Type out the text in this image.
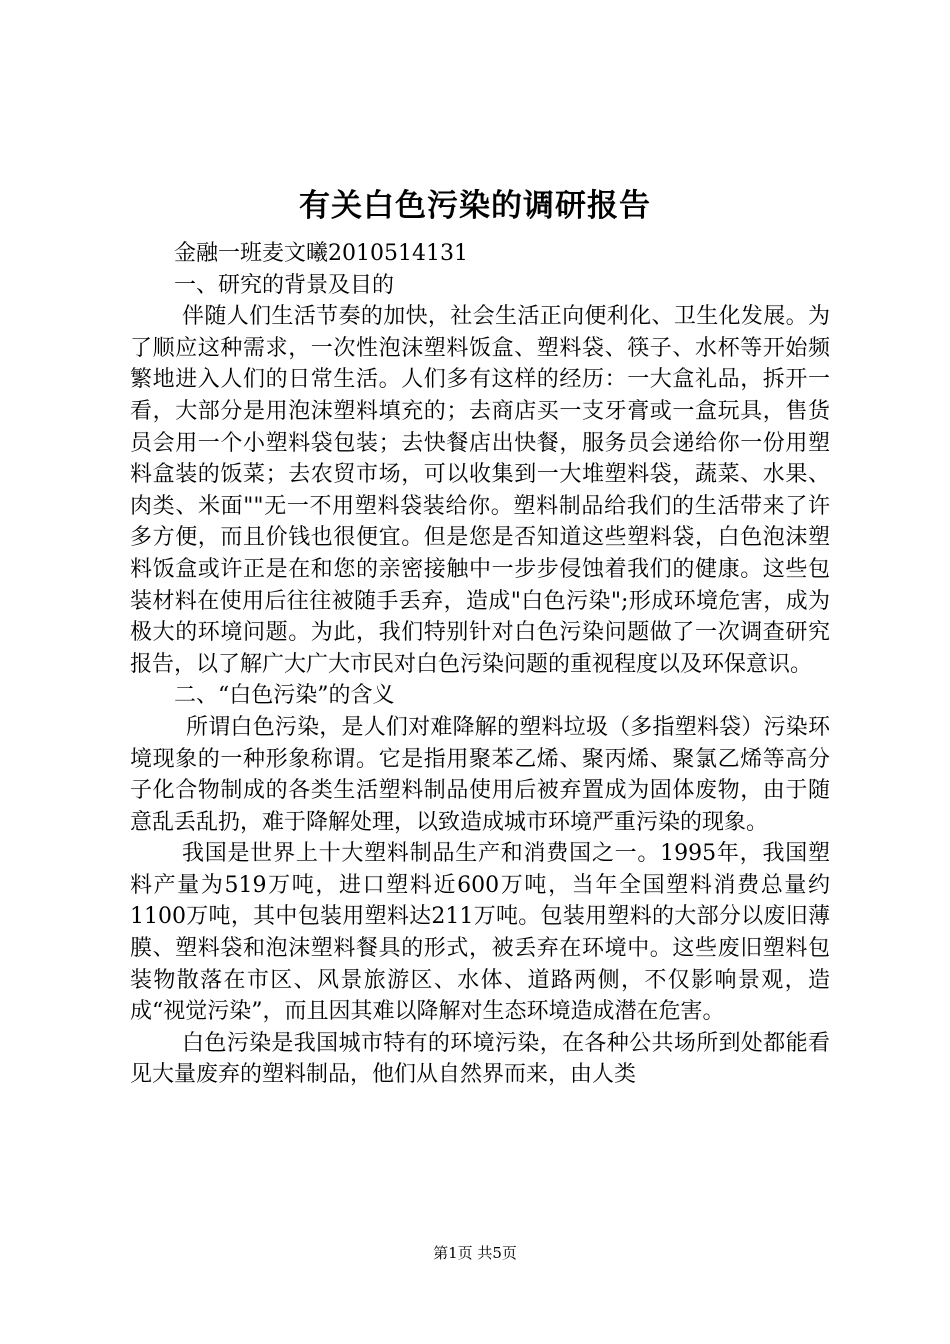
有关白色污染的调研报告

金融一班麦文曦2010514131

一、研究的背景及目的

伴随人们生活节奏的加快，社会生活正向便利化、卫生化发展。为了顺应这种需求，一次性泡沫塑料饭盒、塑料袋、筷子、水杯等开始频繁地进入人们的日常生活。人们多有这样的经历：一大盒礼品，拆开一看，大部分是用泡沫塑料填充的；去商店买一支牙膏或一盒玩具，售货员会用一个小塑料袋包装；去快餐店出快餐，服务员会递给你一份用塑料盒装的饭菜；去农贸市场，可以收集到一大堆塑料袋，蔬菜、水果、肉类、米面""无一不用塑料袋装给你。塑料制品给我们的生活带来了许多方便，而且价钱也很便宜。但是您是否知道这些塑料袋，白色泡沫塑料饭盒或许正是在和您的亲密接触中一步步侵蚀着我们的健康。这些包装材料在使用后往往被随手丢弃，造成"白色污染";形成环境危害，成为极大的环境问题。为此，我们特别针对白色污染问题做了一次调查研究报告，以了解广大广大市民对白色污染问题的重视程度以及环保意识。

二、“白色污染”的含义

所谓白色污染，是人们对难降解的塑料垃圾（多指塑料袋）污染环境现象的一种形象称谓。它是指用聚苯乙烯、聚丙烯、聚氯乙烯等高分子化合物制成的各类生活塑料制品使用后被弃置成为固体废物，由于随意乱丢乱扔，难于降解处理，以致造成城市环境严重污染的现象。

我国是世界上十大塑料制品生产和消费国之一。1995年，我国塑料产量为519万吨，进口塑料近600万吨，当年全国塑料消费总量约1100万吨，其中包装用塑料达211万吨。包装用塑料的大部分以废旧薄膜、塑料袋和泡沫塑料餐具的形式，被丢弃在环境中。这些废旧塑料包装物散落在市区、风景旅游区、水体、道路两侧，不仅影响景观，造成“视觉污染”，而且因其难以降解对生态环境造成潜在危害。

白色污染是我国城市特有的环境污染，在各种公共场所到处都能看见大量废弃的塑料制品，他们从自然界而来，由人类

第1页 共5页
